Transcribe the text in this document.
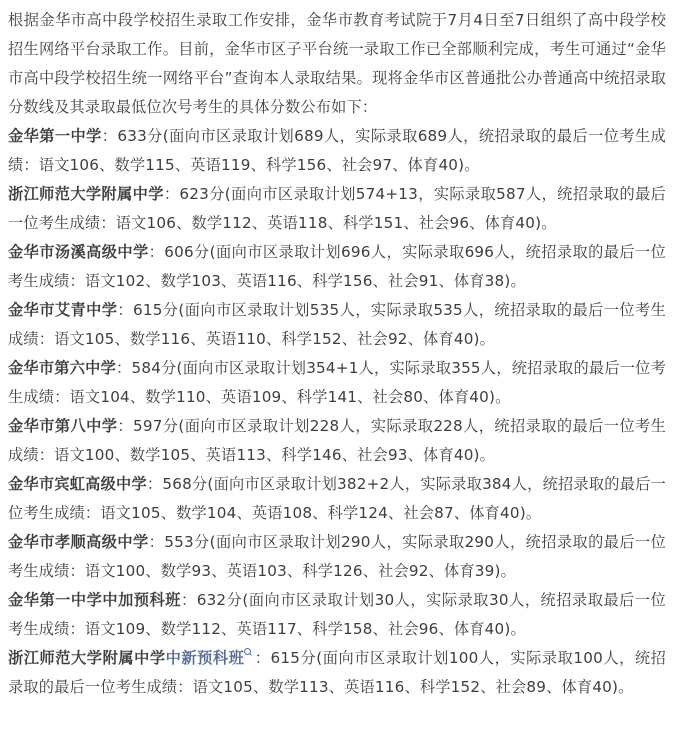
根据金华市高中段学校招生录取工作安排，金华市教育考试院于7月4日至7日组织了高中段学校招生网络平台录取工作。目前，金华市区子平台统一录取工作已全部顺利完成，考生可通过“金华市高中段学校招生统一网络平台”查询本人录取结果。现将金华市区普通批公办普通高中统招录取分数线及其录取最低位次号考生的具体分数公布如下：

金华第一中学：633分(面向市区录取计划689人，实际录取689人，统招录取的最后一位考生成绩：语文106、数学115、英语119、科学156、社会97、体育40)。

浙江师范大学附属中学：623分(面向市区录取计划574+13，实际录取587人，统招录取的最后一位考生成绩：语文106、数学112、英语118、科学151、社会96、体育40)。

金华市汤溪高级中学：606分(面向市区录取计划696人，实际录取696人，统招录取的最后一位考生成绩：语文102、数学103、英语116、科学156、社会91、体育38)。

金华市艾青中学：615分(面向市区录取计划535人，实际录取535人，统招录取的最后一位考生成绩：语文105、数学116、英语110、科学152、社会92、体育40)。

金华市第六中学：584分(面向市区录取计划354+1人，实际录取355人，统招录取的最后一位考生成绩：语文104、数学110、英语109、科学141、社会80、体育40)。

金华市第八中学：597分(面向市区录取计划228人，实际录取228人，统招录取的最后一位考生成绩：语文100、数学105、英语113、科学146、社会93、体育40)。

金华市宾虹高级中学：568分(面向市区录取计划382+2人，实际录取384人，统招录取的最后一位考生成绩：语文105、数学104、英语108、科学124、社会87、体育40)。

金华市孝顺高级中学：553分(面向市区录取计划290人，实际录取290人，统招录取的最后一位考生成绩：语文100、数学93、英语103、科学126、社会92、体育39)。

金华第一中学中加预科班：632分(面向市区录取计划30人，实际录取30人，统招录取最后一位考生成绩：语文109、数学112、英语117、科学158、社会96、体育40)。

浙江师范大学附属中学中新预科班 ：615分(面向市区录取计划100人，实际录取100人，统招录取的最后一位考生成绩：语文105、数学113、英语116、科学152、社会89、体育40)。
